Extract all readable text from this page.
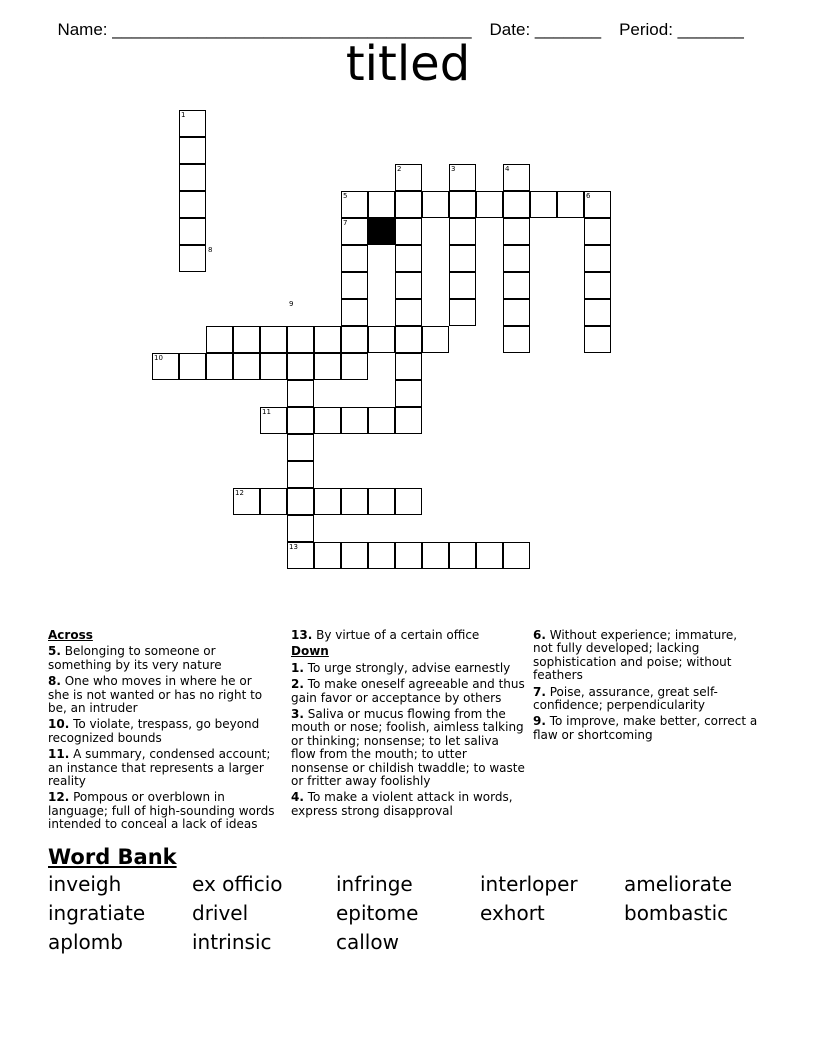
Name: ______________________________________ Date: _______ Period: _______

titled
1
2	3	4
5	6
7
8
9
10
11
12
13
Across
5. Belonging to someone or something by its very nature
8. One who moves in where he or she is not wanted or has no right to be, an intruder
10. To violate, trespass, go beyond recognized bounds
11. A summary, condensed account; an instance that represents a larger reality
12. Pompous or overblown in language; full of high-sounding words intended to conceal a lack of ideas
13. By virtue of a certain office
Down
1. To urge strongly, advise earnestly
2. To make oneself agreeable and thus gain favor or acceptance by others
3. Saliva or mucus flowing from the mouth or nose; foolish, aimless talking or thinking; nonsense; to let saliva flow from the mouth; to utter nonsense or childish twaddle; to waste or fritter away foolishly
4. To make a violent attack in words, express strong disapproval
6. Without experience; immature, not fully developed; lacking sophistication and poise; without feathers
7. Poise, assurance, great self-confidence; perpendicularity
9. To improve, make better, correct a flaw or shortcoming
Word Bank
inveigh	ex officio	infringe	interloper	ameliorate
ingratiate	drivel	epitome	exhort	bombastic
aplomb	intrinsic	callow
